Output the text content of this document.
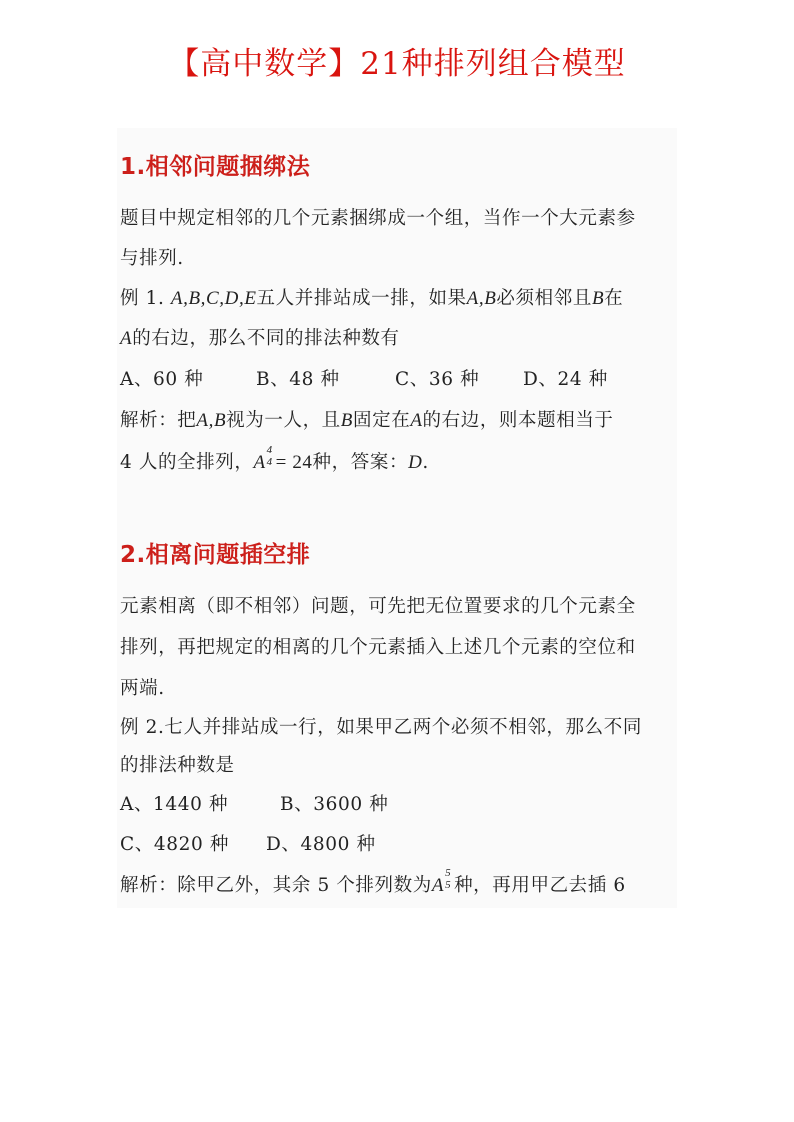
【高中数学】21种排列组合模型
1.相邻问题捆绑法
题目中规定相邻的几个元素捆绑成一个组，当作一个大元素参
与排列.
例 1. A,B,C,D,E五人并排站成一排，如果A,B必须相邻且B在
A的右边，那么不同的排法种数有
A、60 种	B、48 种	C、36 种 D、24 种
解析：把A,B视为一人，且B固定在A的右边，则本题相当于
4 人的全排列，A
4
4 = 24种，答案：D.
2.相离问题插空排
元素相离（即不相邻）问题，可先把无位置要求的几个元素全
排列，再把规定的相离的几个元素插入上述几个元素的空位和
两端.
例 2.七人并排站成一行，如果甲乙两个必须不相邻，那么不同
的排法种数是
A、1440 种	B、3600 种
C、4820 种 D、4800 种
解析：除甲乙外，其余 5 个排列数为A
5
5 种，再用甲乙去插 6
